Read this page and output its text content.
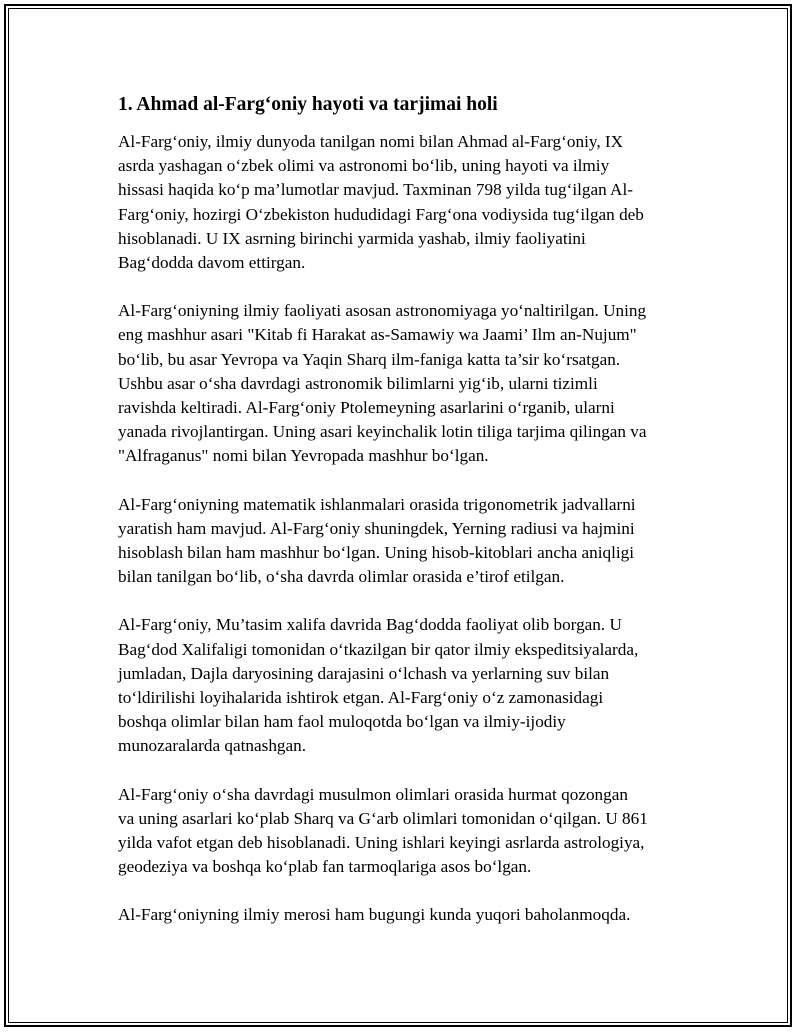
1. Ahmad al-Farg‘oniy hayoti va tarjimai holi

Al-Farg‘oniy, ilmiy dunyoda tanilgan nomi bilan Ahmad al-Farg‘oniy, IX
asrda yashagan o‘zbek olimi va astronomi bo‘lib, uning hayoti va ilmiy
hissasi haqida ko‘p ma’lumotlar mavjud. Taxminan 798 yilda tug‘ilgan Al-
Farg‘oniy, hozirgi O‘zbekiston hududidagi Farg‘ona vodiysida tug‘ilgan deb
hisoblanadi. U IX asrning birinchi yarmida yashab, ilmiy faoliyatini
Bag‘dodda davom ettirgan.

Al-Farg‘oniyning ilmiy faoliyati asosan astronomiyaga yo‘naltirilgan. Uning
eng mashhur asari "Kitab fi Harakat as-Samawiy wa Jaami’ Ilm an-Nujum"
bo‘lib, bu asar Yevropa va Yaqin Sharq ilm-faniga katta ta’sir ko‘rsatgan.
Ushbu asar o‘sha davrdagi astronomik bilimlarni yig‘ib, ularni tizimli
ravishda keltiradi. Al-Farg‘oniy Ptolemeyning asarlarini o‘rganib, ularni
yanada rivojlantirgan. Uning asari keyinchalik lotin tiliga tarjima qilingan va
"Alfraganus" nomi bilan Yevropada mashhur bo‘lgan.

Al-Farg‘oniyning matematik ishlanmalari orasida trigonometrik jadvallarni
yaratish ham mavjud. Al-Farg‘oniy shuningdek, Yerning radiusi va hajmini
hisoblash bilan ham mashhur bo‘lgan. Uning hisob-kitoblari ancha aniqligi
bilan tanilgan bo‘lib, o‘sha davrda olimlar orasida e’tirof etilgan.

Al-Farg‘oniy, Mu’tasim xalifa davrida Bag‘dodda faoliyat olib borgan. U
Bag‘dod Xalifaligi tomonidan o‘tkazilgan bir qator ilmiy ekspeditsiyalarda,
jumladan, Dajla daryosining darajasini o‘lchash va yerlarning suv bilan
to‘ldirilishi loyihalarida ishtirok etgan. Al-Farg‘oniy o‘z zamonasidagi
boshqa olimlar bilan ham faol muloqotda bo‘lgan va ilmiy-ijodiy
munozaralarda qatnashgan.

Al-Farg‘oniy o‘sha davrdagi musulmon olimlari orasida hurmat qozongan
va uning asarlari ko‘plab Sharq va G‘arb olimlari tomonidan o‘qilgan. U 861
yilda vafot etgan deb hisoblanadi. Uning ishlari keyingi asrlarda astrologiya,
geodeziya va boshqa ko‘plab fan tarmoqlariga asos bo‘lgan.

Al-Farg‘oniyning ilmiy merosi ham bugungi kunda yuqori baholanmoqda.
